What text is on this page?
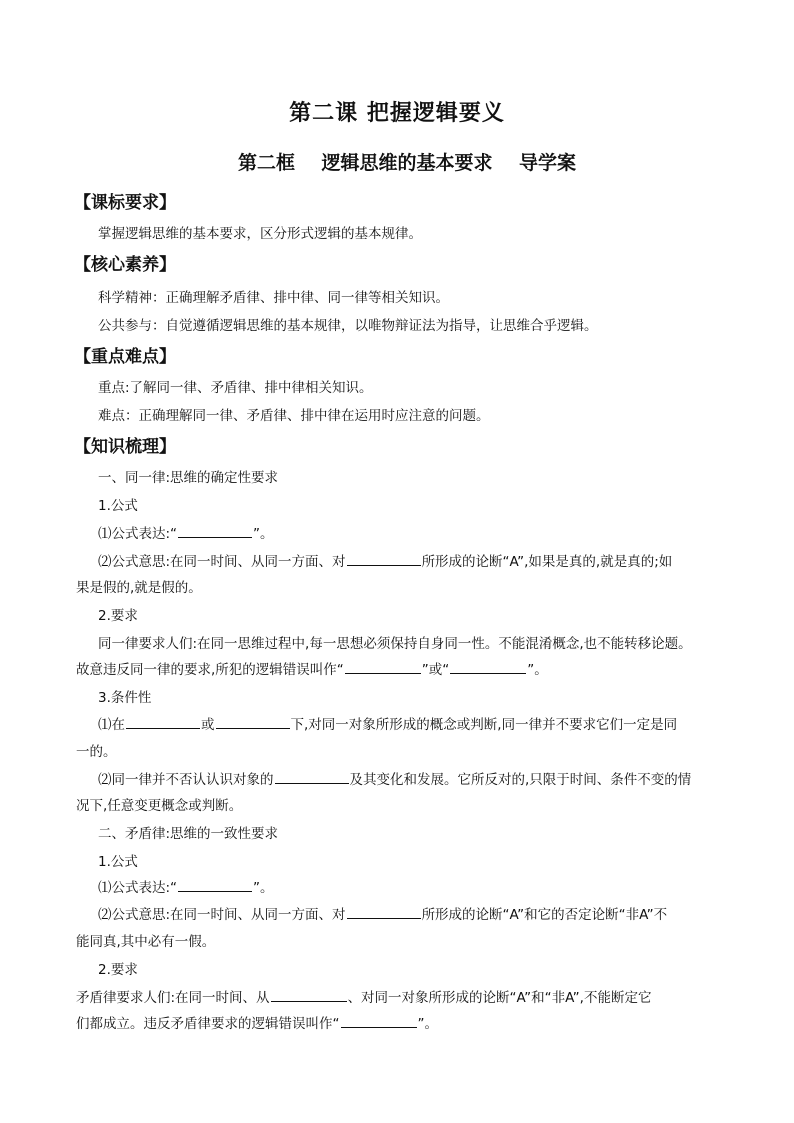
第二课 把握逻辑要义
第二框    逻辑思维的基本要求    导学案
【课标要求】
掌握逻辑思维的基本要求，区分形式逻辑的基本规律。
【核心素养】
科学精神：正确理解矛盾律、排中律、同一律等相关知识。
公共参与：自觉遵循逻辑思维的基本规律，以唯物辩证法为指导，让思维合乎逻辑。
【重点难点】
重点:了解同一律、矛盾律、排中律相关知识。
难点：正确理解同一律、矛盾律、排中律在运用时应注意的问题。
【知识梳理】
一、同一律:思维的确定性要求
1.公式
⑴公式表达:“	”。
⑵公式意思:在同一时间、从同一方面、对	所形成的论断“A”,如果是真的,就是真的;如
果是假的,就是假的。
2.要求
同一律要求人们:在同一思维过程中,每一思想必须保持自身同一性。不能混淆概念,也不能转移论题。
故意违反同一律的要求,所犯的逻辑错误叫作“	”或“	”。
3.条件性
⑴在	或	下,对同一对象所形成的概念或判断,同一律并不要求它们一定是同
一的。
⑵同一律并不否认认识对象的	及其变化和发展。它所反对的,只限于时间、条件不变的情
况下,任意变更概念或判断。
二、矛盾律:思维的一致性要求
1.公式
⑴公式表达:“	”。
⑵公式意思:在同一时间、从同一方面、对	所形成的论断“A”和它的否定论断“非A”不
能同真,其中必有一假。
2.要求
矛盾律要求人们:在同一时间、从	、对同一对象所形成的论断“A”和“非A”,不能断定它
们都成立。违反矛盾律要求的逻辑错误叫作“	”。
